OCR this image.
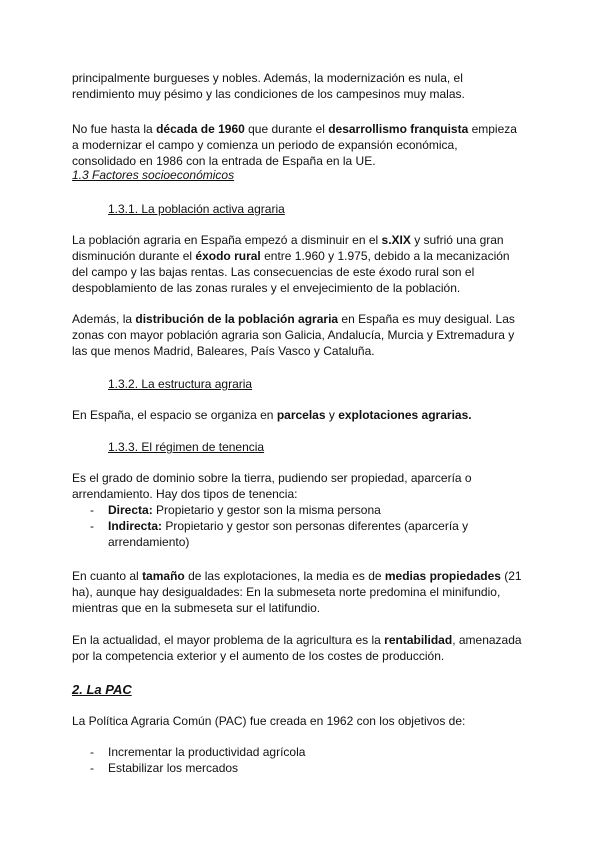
principalmente burgueses y nobles. Además, la modernización es nula, el
rendimiento muy pésimo y las condiciones de los campesinos muy malas.
No fue hasta la década de 1960 que durante el desarrollismo franquista empieza
a modernizar el campo y comienza un periodo de expansión económica,
consolidado en 1986 con la entrada de España en la UE.
1.3 Factores socioeconómicos
1.3.1. La población activa agraria
La población agraria en España empezó a disminuir en el s.XIX y sufrió una gran
disminución durante el éxodo rural entre 1.960 y 1.975, debido a la mecanización
del campo y las bajas rentas. Las consecuencias de este éxodo rural son el
despoblamiento de las zonas rurales y el envejecimiento de la población.
Además, la distribución de la población agraria en España es muy desigual. Las
zonas con mayor población agraria son Galicia, Andalucía, Murcia y Extremadura y
las que menos Madrid, Baleares, País Vasco y Cataluña.
1.3.2. La estructura agraria
En España, el espacio se organiza en parcelas y explotaciones agrarias.
1.3.3. El régimen de tenencia
Es el grado de dominio sobre la tierra, pudiendo ser propiedad, aparcería o
arrendamiento. Hay dos tipos de tenencia:
- Directa: Propietario y gestor son la misma persona
- Indirecta: Propietario y gestor son personas diferentes (aparcería y
arrendamiento)
En cuanto al tamaño de las explotaciones, la media es de medias propiedades (21
ha), aunque hay desigualdades: En la submeseta norte predomina el minifundio,
mientras que en la submeseta sur el latifundio.
En la actualidad, el mayor problema de la agricultura es la rentabilidad, amenazada
por la competencia exterior y el aumento de los costes de producción.
2. La PAC
La Política Agraria Común (PAC) fue creada en 1962 con los objetivos de:
- Incrementar la productividad agrícola
- Estabilizar los mercados
